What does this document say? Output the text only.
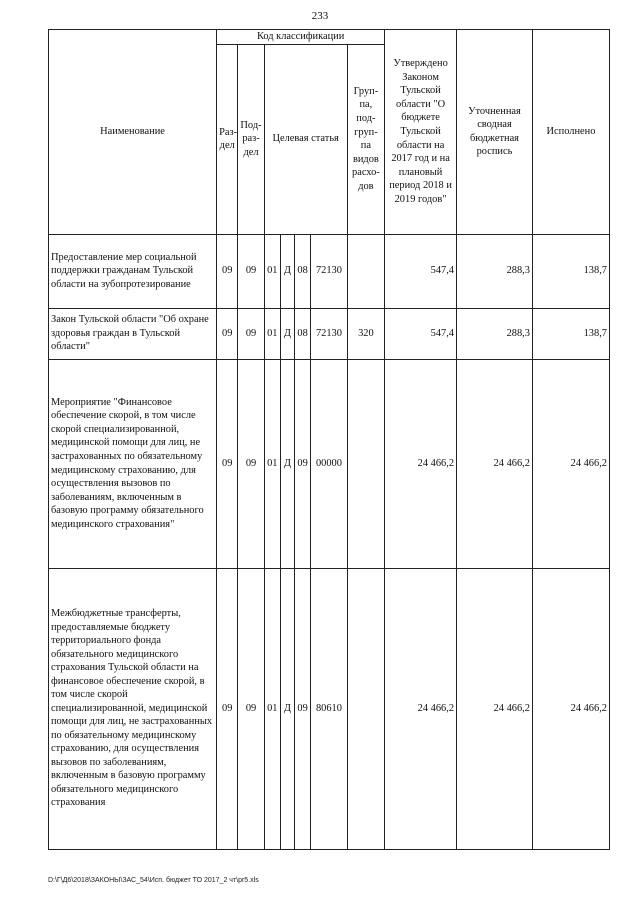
233
Наименование	Код классификации							Утверждено Законом Тульской области "О бюджете Тульской области на 2017 год и на плановый период 2018 и 2019 годов"	Уточненная сводная бюджетная роспись	Исполнено
	Раз- дел	Под- раз- дел	Целевая статья				Груп- па, под- груп- па видов расхо- дов			
Предоставление мер социальной поддержки гражданам Тульской области на зубопротезирование	09	09	01	Д	08	72130		547,4	288,3	138,7
Закон Тульской области "Об охране здоровья граждан в Тульской области"	09	09	01	Д	08	72130	320	547,4	288,3	138,7
Мероприятие "Финансовое обеспечение скорой, в том числе скорой специализированной, медицинской помощи для лиц, не застрахованных по обязательному медицинскому страхованию, для осуществления вызовов по заболеваниям, включенным в базовую программу обязательного медицинского страхования"	09	09	01	Д	09	00000		24 466,2	24 466,2	24 466,2
Межбюджетные трансферты, предоставляемые бюджету территориального фонда обязательного медицинского страхования Тульской области на финансовое обеспечение скорой, в том числе скорой специализированной, медицинской помощи для лиц, не застрахованных по обязательному медицинскому страхованию, для осуществления вызовов по заболеваниям, включенным в базовую программу обязательного медицинского страхования	09	09	01	Д	09	80610		24 466,2	24 466,2	24 466,2
D:\Г\Д6\2018\ЗАКОНЫ\ЗАС_54\Исп. бюджет ТО 2017_2 чт\pr5.xls
